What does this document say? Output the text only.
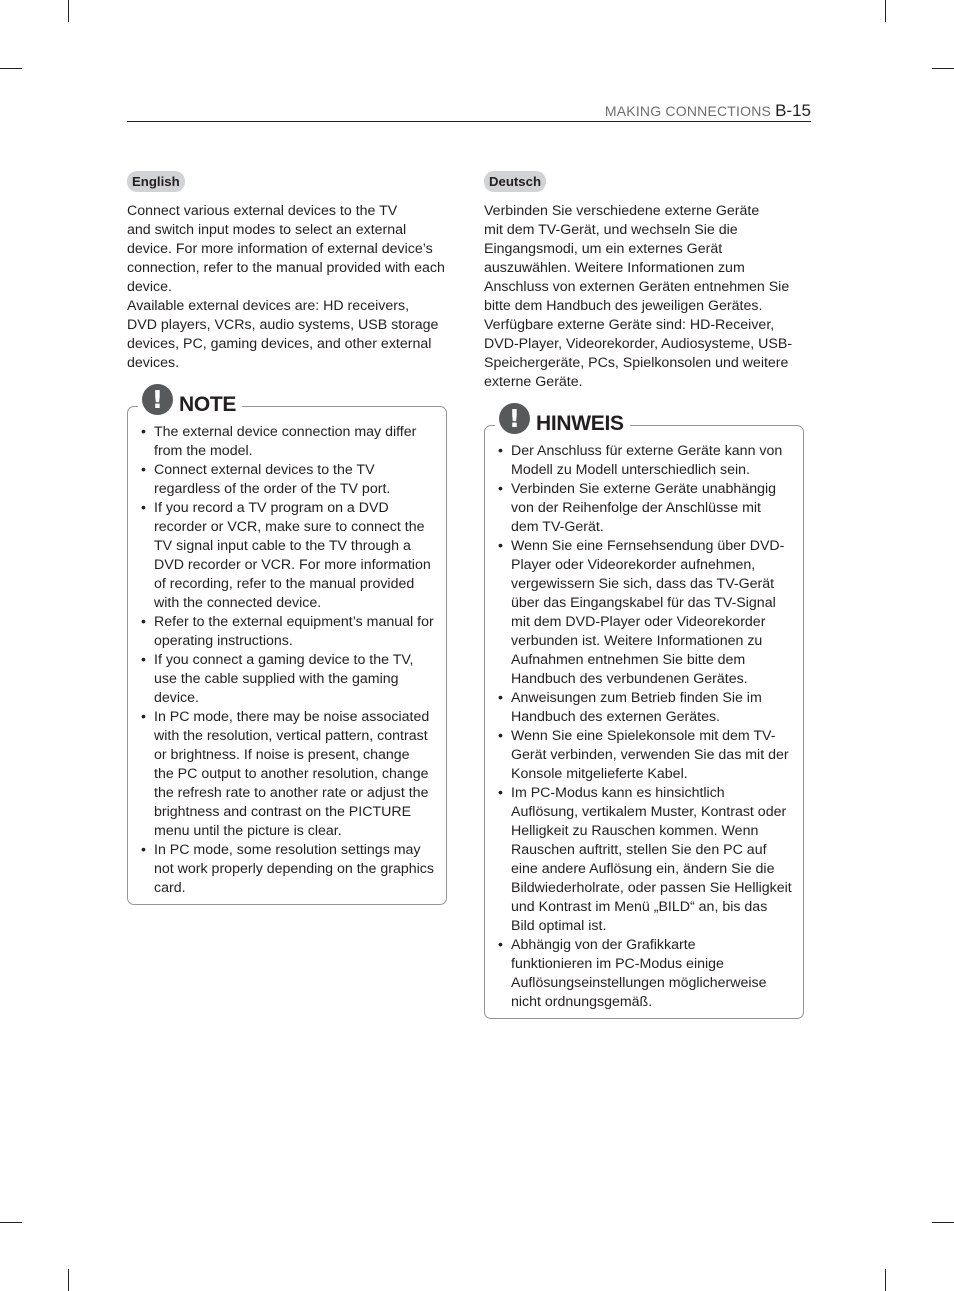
MAKING CONNECTIONS B-15
English

Connect various external devices to the TV
and switch input modes to select an external
device. For more information of external device’s
connection, refer to the manual provided with each
device.

Available external devices are: HD receivers,
DVD players, VCRs, audio systems, USB storage
devices, PC, gaming devices, and other external
devices.

! NOTE
• The external device connection may differ
from the model.
• Connect external devices to the TV
regardless of the order of the TV port.
• If you record a TV program on a DVD
recorder or VCR, make sure to connect the
TV signal input cable to the TV through a
DVD recorder or VCR. For more information
of recording, refer to the manual provided
with the connected device.
• Refer to the external equipment’s manual for
operating instructions.
• If you connect a gaming device to the TV,
use the cable supplied with the gaming
device.
• In PC mode, there may be noise associated
with the resolution, vertical pattern, contrast
or brightness. If noise is present, change
the PC output to another resolution, change
the refresh rate to another rate or adjust the
brightness and contrast on the PICTURE
menu until the picture is clear.
• In PC mode, some resolution settings may
not work properly depending on the graphics
card.
Deutsch

Verbinden Sie verschiedene externe Geräte
mit dem TV-Gerät, und wechseln Sie die
Eingangsmodi, um ein externes Gerät
auszuwählen. Weitere Informationen zum
Anschluss von externen Geräten entnehmen Sie
bitte dem Handbuch des jeweiligen Gerätes.

Verfügbare externe Geräte sind: HD-Receiver,
DVD-Player, Videorekorder, Audiosysteme, USB-
Speichergeräte, PCs, Spielkonsolen und weitere
externe Geräte.

! HINWEIS
• Der Anschluss für externe Geräte kann von
Modell zu Modell unterschiedlich sein.
• Verbinden Sie externe Geräte unabhängig
von der Reihenfolge der Anschlüsse mit
dem TV-Gerät.
• Wenn Sie eine Fernsehsendung über DVD-
Player oder Videorekorder aufnehmen,
vergewissern Sie sich, dass das TV-Gerät
über das Eingangskabel für das TV-Signal
mit dem DVD-Player oder Videorekorder
verbunden ist. Weitere Informationen zu
Aufnahmen entnehmen Sie bitte dem
Handbuch des verbundenen Gerätes.
• Anweisungen zum Betrieb finden Sie im
Handbuch des externen Gerätes.
• Wenn Sie eine Spielekonsole mit dem TV-
Gerät verbinden, verwenden Sie das mit der
Konsole mitgelieferte Kabel.
• Im PC-Modus kann es hinsichtlich
Auflösung, vertikalem Muster, Kontrast oder
Helligkeit zu Rauschen kommen. Wenn
Rauschen auftritt, stellen Sie den PC auf
eine andere Auflösung ein, ändern Sie die
Bildwiederholrate, oder passen Sie Helligkeit
und Kontrast im Menü „BILD“ an, bis das
Bild optimal ist.
• Abhängig von der Grafikkarte
funktionieren im PC-Modus einige
Auflösungseinstellungen möglicherweise
nicht ordnungsgemäß.
